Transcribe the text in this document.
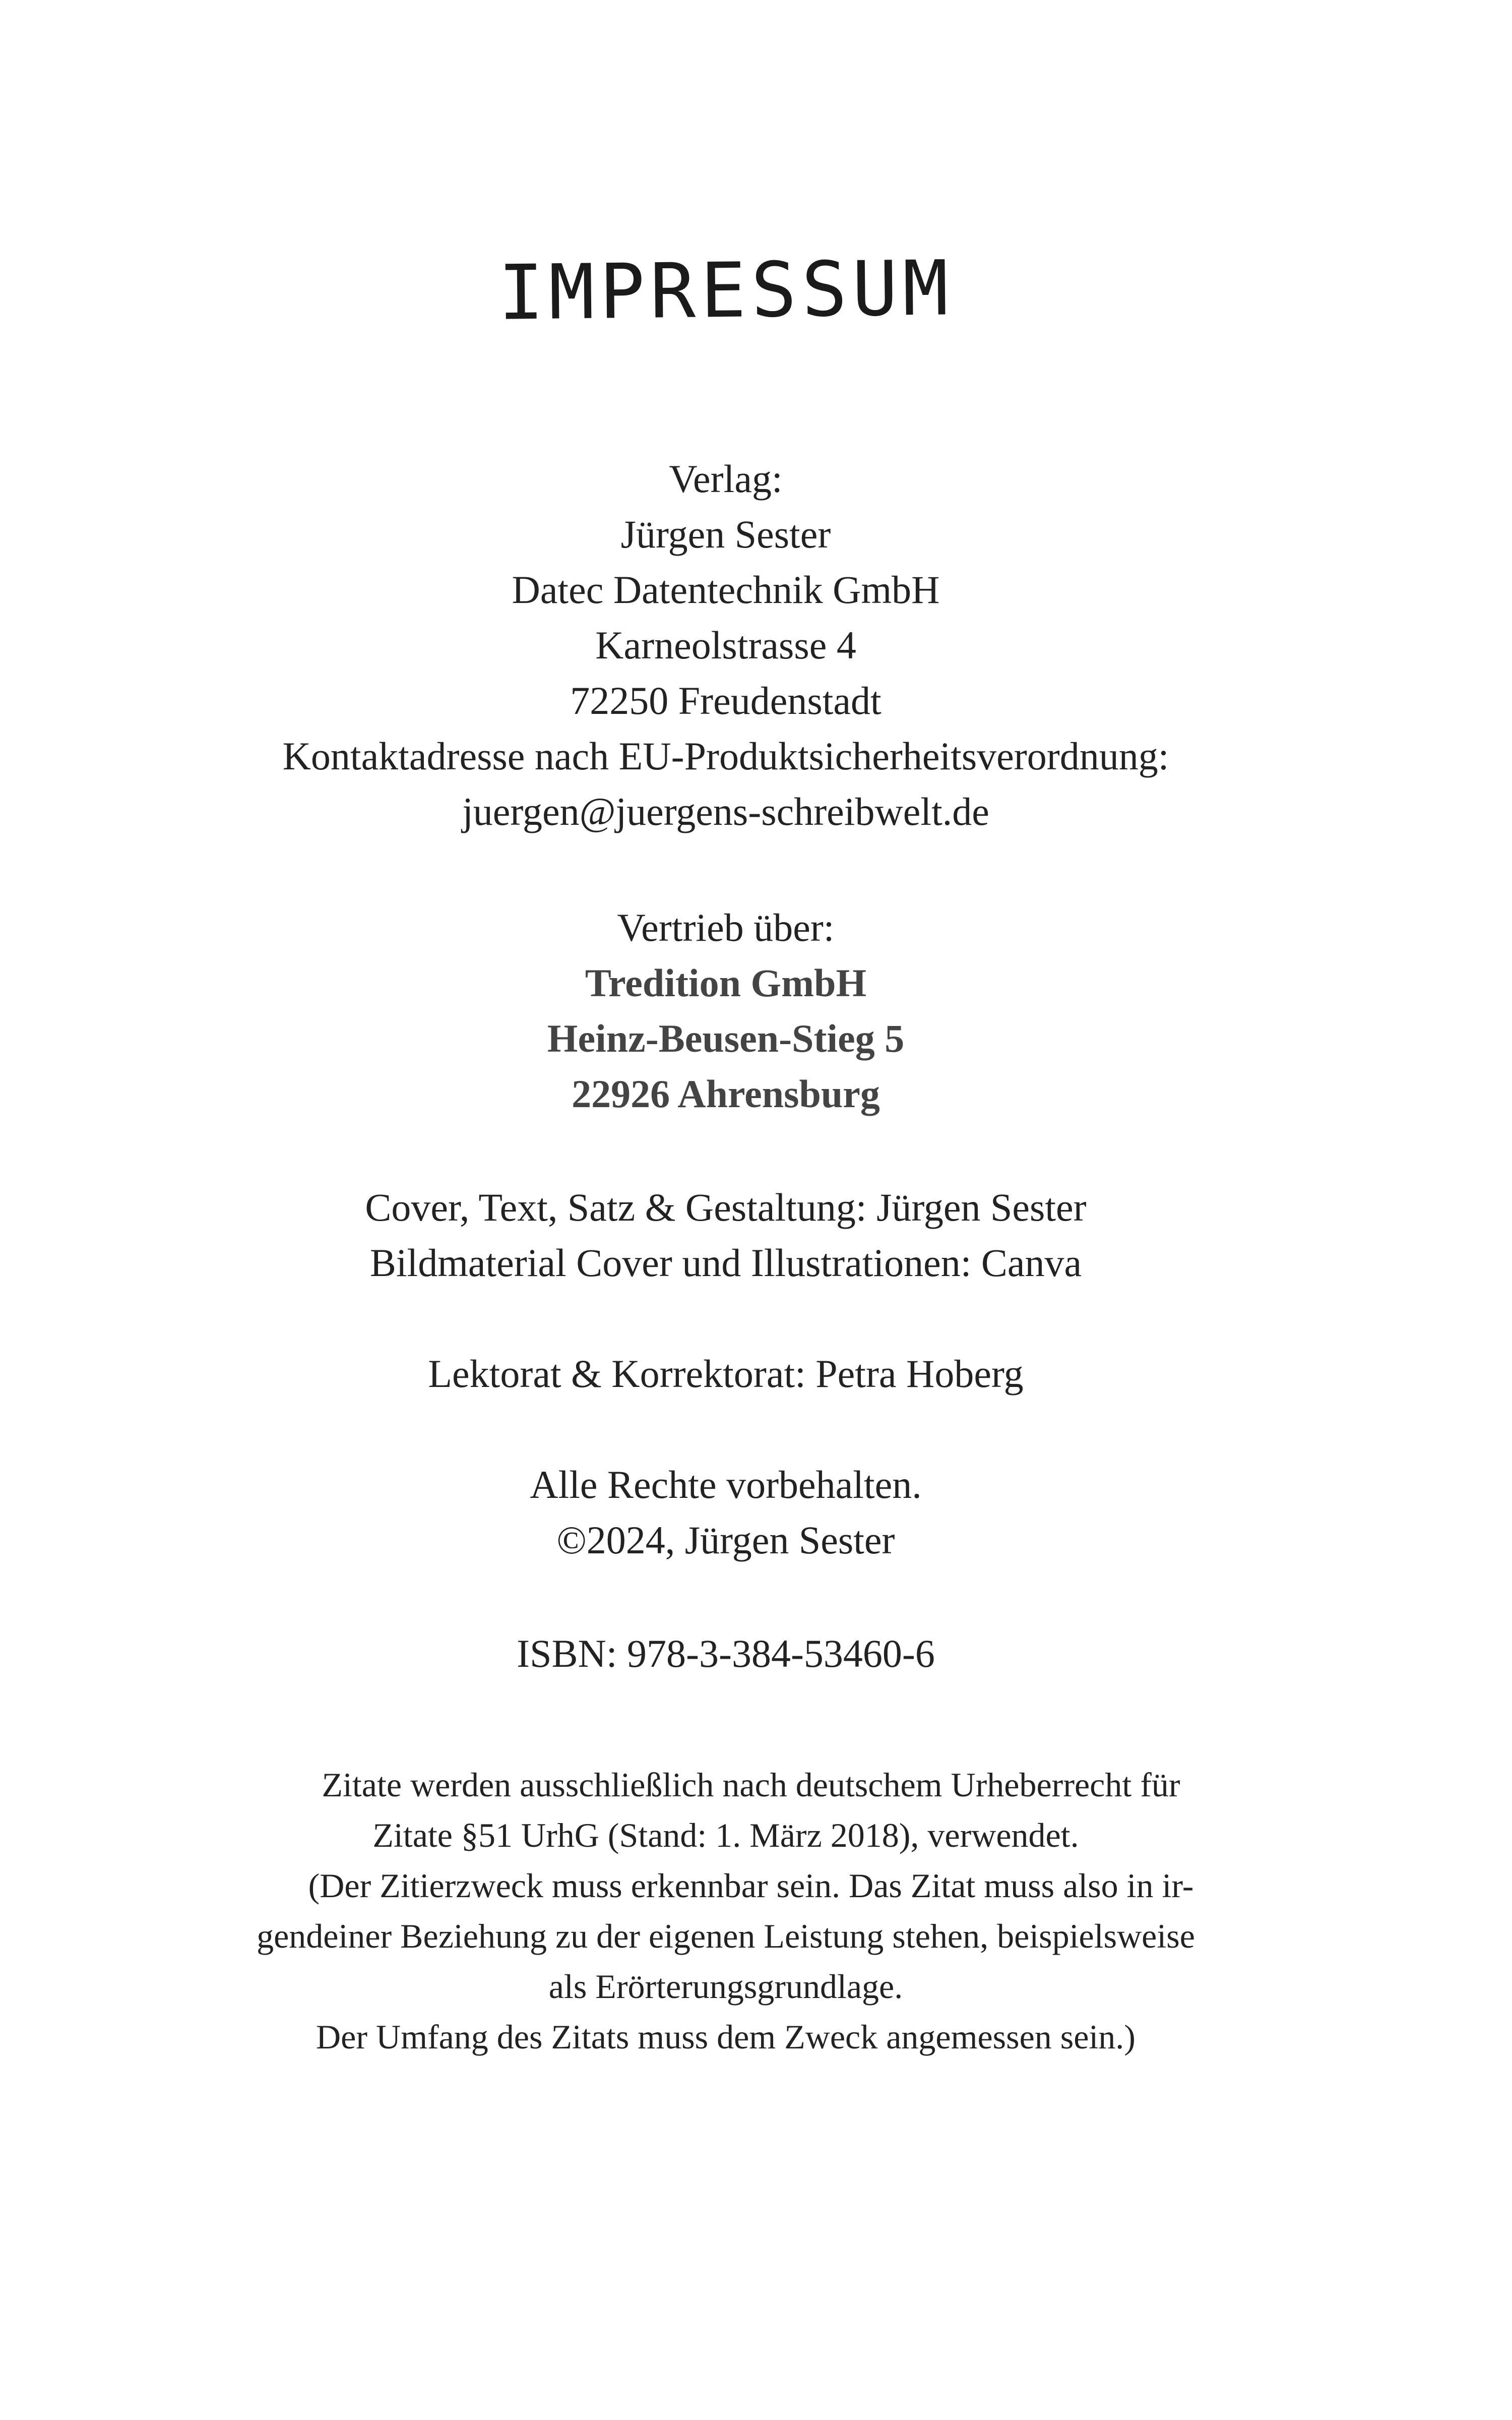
IMPRESSUM
Verlag:
Jürgen Sester
Datec Datentechnik GmbH
Karneolstrasse 4
72250 Freudenstadt
Kontaktadresse nach EU-Produktsicherheitsverordnung:
juergen@juergens-schreibwelt.de
Vertrieb über:
Tredition GmbH
Heinz-Beusen-Stieg 5
22926 Ahrensburg
Cover, Text, Satz & Gestaltung: Jürgen Sester
Bildmaterial Cover und Illustrationen: Canva
Lektorat & Korrektorat: Petra Hoberg
Alle Rechte vorbehalten.
©2024, Jürgen Sester
ISBN: 978-3-384-53460-6
Zitate werden ausschließlich nach deutschem Urheberrecht für
Zitate §51 UrhG (Stand: 1. März 2018), verwendet.
(Der Zitierzweck muss erkennbar sein. Das Zitat muss also in ir-
gendeiner Beziehung zu der eigenen Leistung stehen, beispielsweise
als Erörterungsgrundlage.
Der Umfang des Zitats muss dem Zweck angemessen sein.)
